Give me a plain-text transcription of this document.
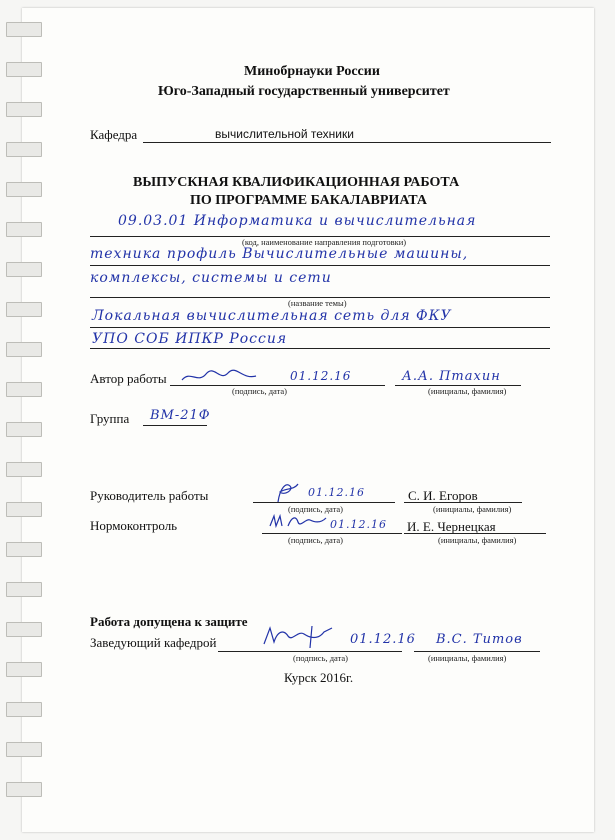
Минобрнауки России
Юго-Западный государственный университет
Кафедра	вычислительной техники
ВЫПУСКНАЯ КВАЛИФИКАЦИОННАЯ РАБОТА
ПО ПРОГРАММЕ БАКАЛАВРИАТА
09.03.01 Информатика и вычислительная
(код, наименование направления подготовки)
техника профиль Вычислительные машины,
комплексы, системы и сети
(название темы)
Локальная вычислительная сеть для ФКУ
УПО СОБ ИПКР Россия
Автор работы	01.12.16
(подпись, дата)
А.А. Птахин
(инициалы, фамилия)
Группа ВМ-21Ф
Руководитель работы	01.12.16
(подпись, дата)
С. И. Егоров
(инициалы, фамилия)
Нормоконтроль	01.12.16
(подпись, дата)
И. Е. Чернецкая
(инициалы, фамилия)
Работа допущена к защите
Заведующий кафедрой	01.12.16
(подпись, дата)
В.С. Титов
(инициалы, фамилия)
Курск 2016г.
